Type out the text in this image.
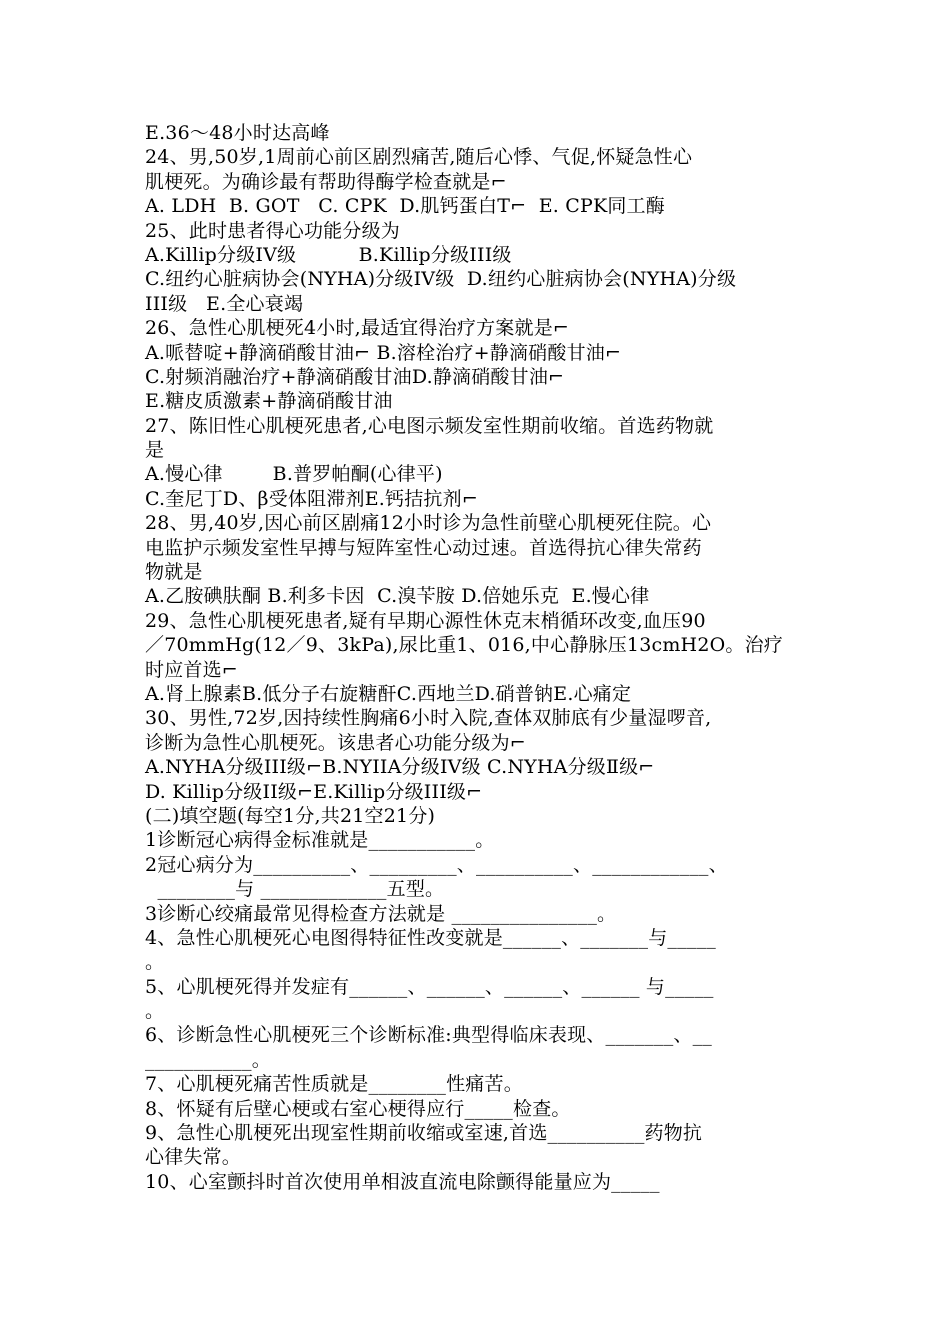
E.36～48小时达高峰
24、男,50岁,1周前心前区剧烈痛苦,随后心悸、气促,怀疑急性心
肌梗死。为确诊最有帮助得酶学检查就是⌐
A. LDH  B. GOT   C. CPK  D.肌钙蛋白T⌐  E. CPK同工酶
25、此时患者得心功能分级为
A.Killip分级IV级          B.Killip分级III级
C.纽约心脏病协会(NYHA)分级IV级  D.纽约心脏病协会(NYHA)分级
III级   E.全心衰竭
26、急性心肌梗死4小时,最适宜得治疗方案就是⌐
A.哌替啶+静滴硝酸甘油⌐ B.溶栓治疗+静滴硝酸甘油⌐
C.射频消融治疗+静滴硝酸甘油D.静滴硝酸甘油⌐
E.糖皮质激素+静滴硝酸甘油
27、陈旧性心肌梗死患者,心电图示频发室性期前收缩。首选药物就
是
A.慢心律        B.普罗帕酮(心律平)
C.奎尼丁D、β受体阻滞剂E.钙拮抗剂⌐
28、男,40岁,因心前区剧痛12小时诊为急性前壁心肌梗死住院。心
电监护示频发室性早搏与短阵室性心动过速。首选得抗心律失常药
物就是
A.乙胺碘肤酮 B.利多卡因  C.溴苄胺 D.倍她乐克  E.慢心律
29、急性心肌梗死患者,疑有早期心源性休克末梢循环改变,血压90
／70mmHg(12／9、3kPa),尿比重1、016,中心静脉压13cmH2O。治疗
时应首选⌐
A.肾上腺素B.低分子右旋糖酐C.西地兰D.硝普钠E.心痛定
30、男性,72岁,因持续性胸痛6小时入院,查体双肺底有少量湿啰音,
诊断为急性心肌梗死。该患者心功能分级为⌐
A.NYHA分级III级⌐B.NYIIA分级IV级 C.NYHA分级Ⅱ级⌐
D. Killip分级II级⌐E.Killip分级III级⌐
(二)填空题(每空1分,共21空21分)
1诊断冠心病得金标准就是___________。
2冠心病分为__________、_________、__________、____________、
________与 _____________五型。
3诊断心绞痛最常见得检查方法就是 _______________。
4、急性心肌梗死心电图得特征性改变就是______、_______与_____
。
5、心肌梗死得并发症有______、______、______、______ 与_____
。
6、诊断急性心肌梗死三个诊断标准:典型得临床表现、_______、__
___________。
7、心肌梗死痛苦性质就是________性痛苦。
8、怀疑有后壁心梗或右室心梗得应行_____检查。
9、急性心肌梗死出现室性期前收缩或室速,首选__________药物抗
心律失常。
10、心室颤抖时首次使用单相波直流电除颤得能量应为_____
